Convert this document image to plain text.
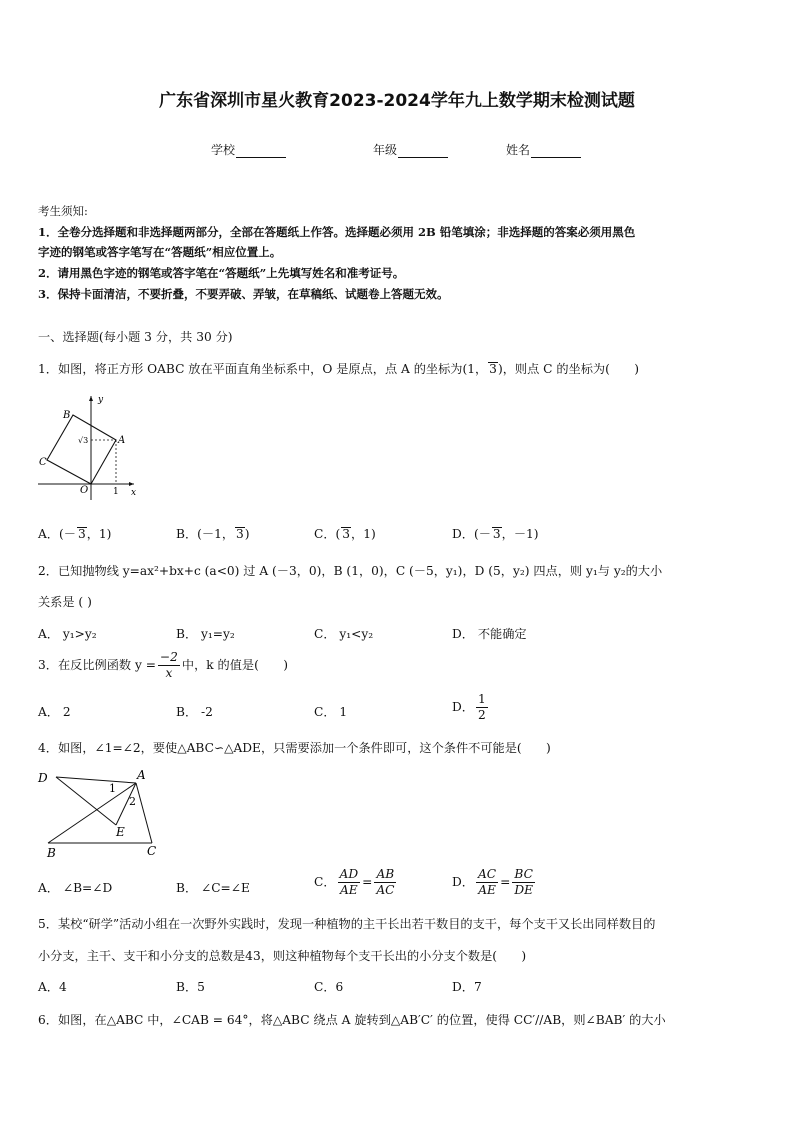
广东省深圳市星火教育2023-2024学年九上数学期末检测试题
学校	年级	姓名
考生须知:
1．全卷分选择题和非选择题两部分，全部在答题纸上作答。选择题必须用 2B 铅笔填涂；非选择题的答案必须用黑色
字迹的钢笔或答字笔写在“答题纸”相应位置上。
2．请用黑色字迹的钢笔或答字笔在“答题纸”上先填写姓名和准考证号。
3．保持卡面清洁，不要折叠，不要弄破、弄皱，在草稿纸、试题卷上答题无效。
一、选择题(每小题 3 分，共 30 分)
1．如图，将正方形 OABC 放在平面直角坐标系中，O 是原点，点 A 的坐标为(1， 3)，则点 C 的坐标为(　　)
B
A
C
O
y
x
1
√3
A．(－ 3，1)	B．(－1， 3)	C．( 3，1)	D．(－ 3，－1)
2．已知抛物线 y=ax²+bx+c (a<0) 过 A (－3，0)，B (1，0)，C (－5，y₁)，D (5，y₂) 四点，则 y₁与 y₂的大小
关系是 ( )
A． y₁>y₂	B． y₁=y₂	C． y₁<y₂	D． 不能确定
3．在反比例函数 $y = \frac{-2}{x}$ 中，k 的值是(　　)
A． 2	B． -2	C． 1	D． $\frac{1}{2}$
4．如图，∠1=∠2，要使△ABC∽△ADE，只需要添加一个条件即可，这个条件不可能是(　　)
D	A
1
2
E
B	C
A． ∠B=∠D	B． ∠C=∠E	C． $\frac{AD}{AE} = \frac{AB}{AC}$	D． $\frac{AC}{AE} = \frac{BC}{DE}$
5．某校“研学”活动小组在一次野外实践时，发现一种植物的主干长出若干数目的支干，每个支干又长出同样数目的
小分支，主干、支干和小分支的总数是43，则这种植物每个支干长出的小分支个数是(　　)
A．4	B．5	C．6	D．7
6．如图，在△ABC 中，∠CAB = 64°，将△ABC 绕点 A 旋转到△AB′C′ 的位置，使得 CC′//AB，则∠BAB′ 的大小
